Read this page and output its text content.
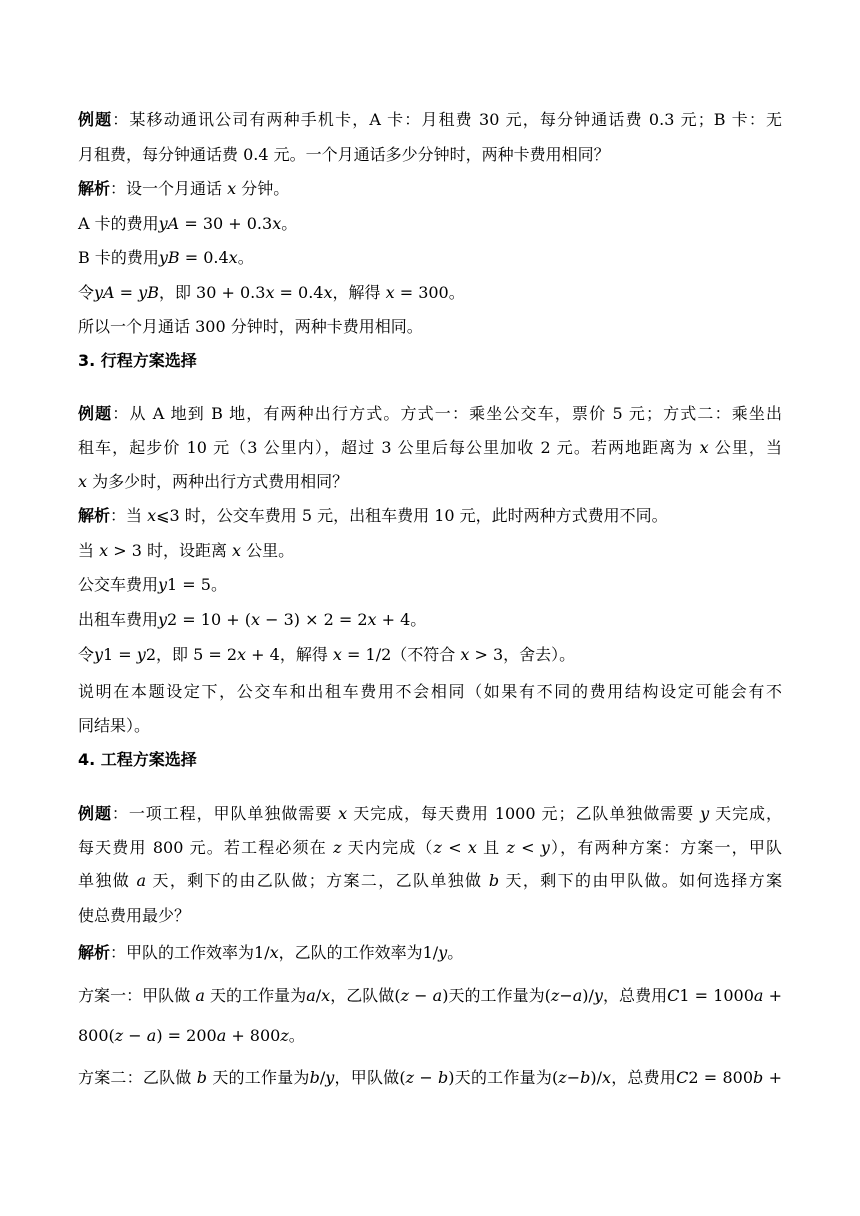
例题：某移动通讯公司有两种手机卡，A 卡：月租费 30 元，每分钟通话费 0.3 元；B 卡：无
月租费，每分钟通话费 0.4 元。一个月通话多少分钟时，两种卡费用相同？
解析：设一个月通话 𝑥 分钟。
A 卡的费用𝑦𝐴 = 30 + 0.3𝑥。
B 卡的费用𝑦𝐵 = 0.4𝑥。
令𝑦𝐴 = 𝑦𝐵，即 30 + 0.3𝑥 = 0.4𝑥，解得 𝑥 = 300。
所以一个月通话 300 分钟时，两种卡费用相同。
3. 行程方案选择
例题：从 A 地到 B 地，有两种出行方式。方式一：乘坐公交车，票价 5 元；方式二：乘坐出
租车，起步价 10 元（3 公里内），超过 3 公里后每公里加收 2 元。若两地距离为 𝑥 公里，当
𝑥 为多少时，两种出行方式费用相同？
解析：当 𝑥⩽3 时，公交车费用 5 元，出租车费用 10 元，此时两种方式费用不同。
当 𝑥 > 3 时，设距离 𝑥 公里。
公交车费用𝑦1 = 5。
出租车费用𝑦2 = 10 + (𝑥 − 3) × 2 = 2𝑥 + 4。
令𝑦1 = 𝑦2，即 5 = 2𝑥 + 4，解得 𝑥 = 1/2（不符合 𝑥 > 3，舍去）。
说明在本题设定下，公交车和出租车费用不会相同（如果有不同的费用结构设定可能会有不
同结果）。
4. 工程方案选择
例题：一项工程，甲队单独做需要 𝑥 天完成，每天费用 1000 元；乙队单独做需要 𝑦 天完成，
每天费用 800 元。若工程必须在 𝑧 天内完成（𝑧 < 𝑥 且 𝑧 < 𝑦），有两种方案：方案一，甲队
单独做 𝑎 天，剩下的由乙队做；方案二，乙队单独做 𝑏 天，剩下的由甲队做。如何选择方案
使总费用最少？
解析：甲队的工作效率为1/𝑥，乙队的工作效率为1/𝑦。
方案一：甲队做 𝑎 天的工作量为𝑎/𝑥，乙队做(𝑧 − 𝑎)天的工作量为(𝑧−𝑎)/𝑦，总费用𝐶1 = 1000𝑎 +
800(𝑧 − 𝑎) = 200𝑎 + 800𝑧。
方案二：乙队做 𝑏 天的工作量为𝑏/𝑦，甲队做(𝑧 − 𝑏)天的工作量为(𝑧−𝑏)/𝑥，总费用𝐶2 = 800𝑏 +
